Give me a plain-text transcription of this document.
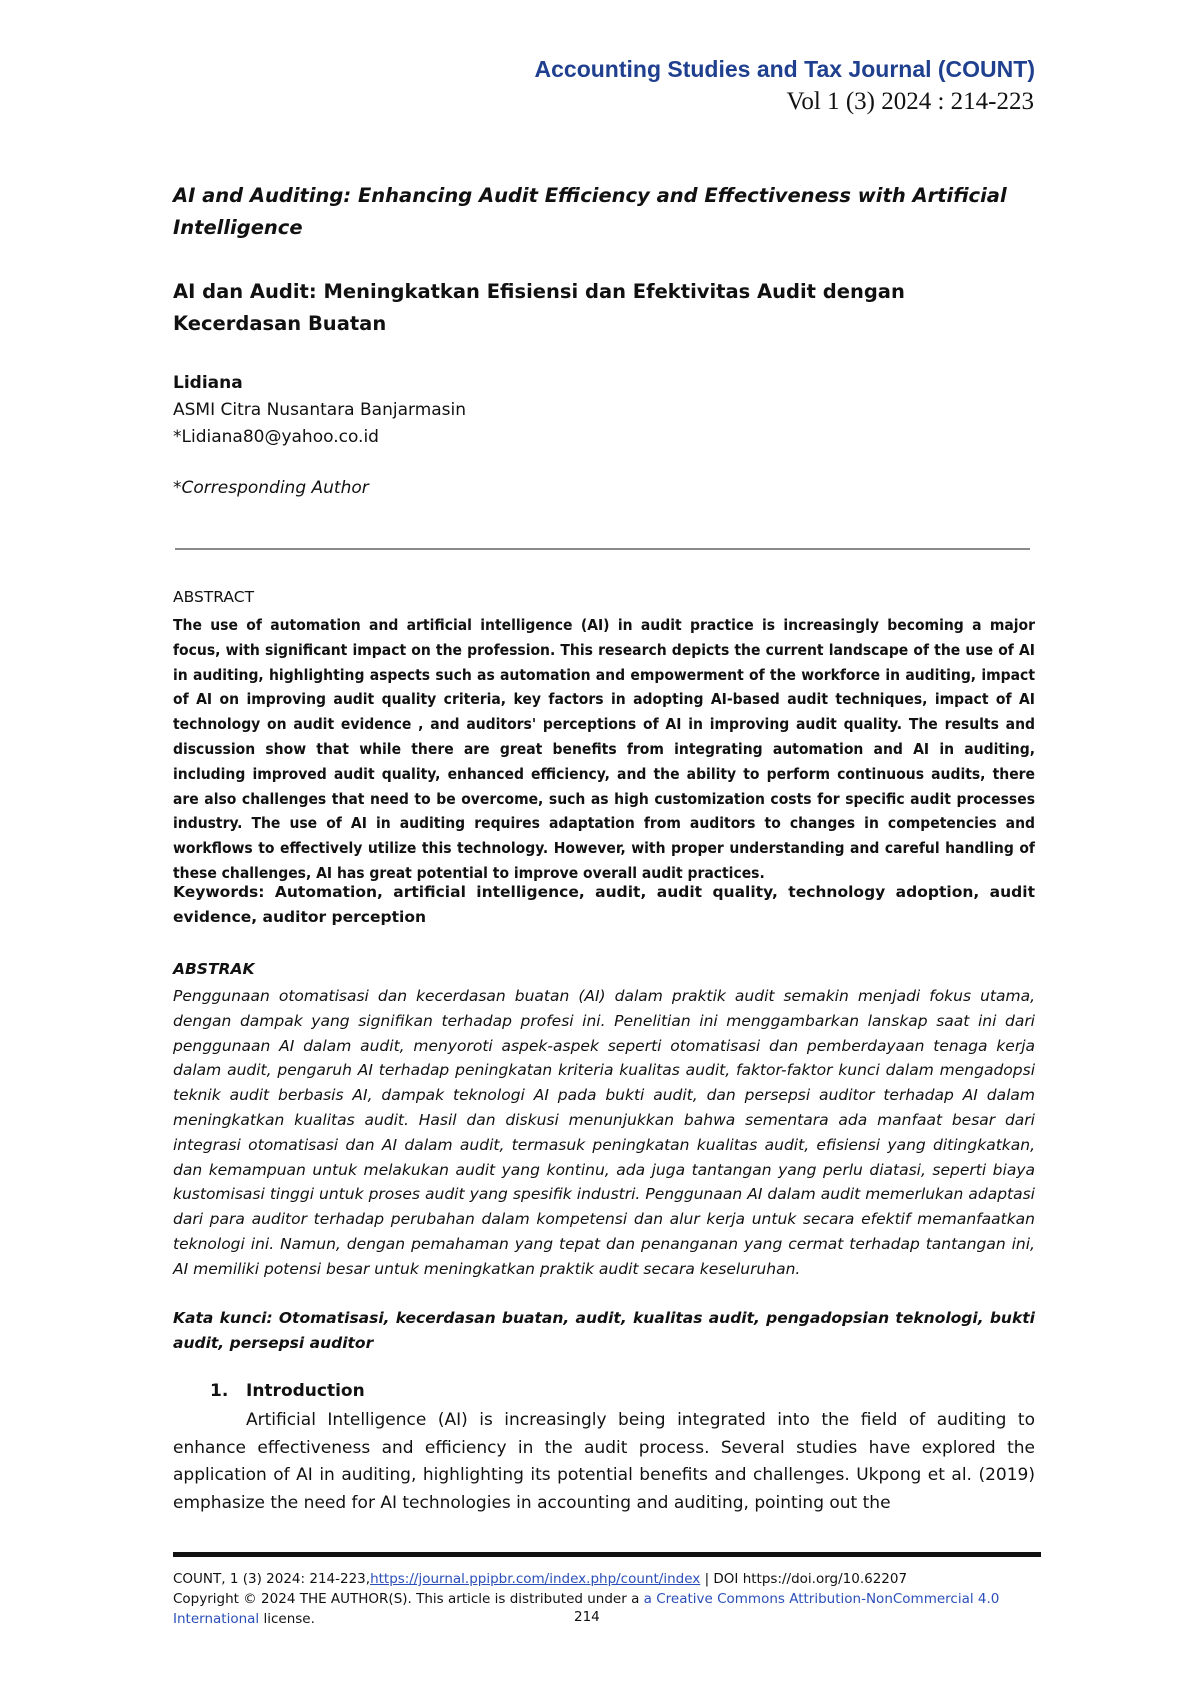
Accounting Studies and Tax Journal (COUNT)
Vol 1 (3) 2024 : 214-223
AI and Auditing: Enhancing Audit Efficiency and Effectiveness with Artificial Intelligence
AI dan Audit: Meningkatkan Efisiensi dan Efektivitas Audit dengan Kecerdasan Buatan
Lidiana
ASMI Citra Nusantara Banjarmasin
*Lidiana80@yahoo.co.id
*Corresponding Author
ABSTRACT

The use of automation and artificial intelligence (AI) in audit practice is increasingly becoming a major focus, with significant impact on the profession. This research depicts the current landscape of the use of AI in auditing, highlighting aspects such as automation and empowerment of the workforce in auditing, impact of AI on improving audit quality criteria, key factors in adopting AI-based audit techniques, impact of AI technology on audit evidence , and auditors' perceptions of AI in improving audit quality. The results and discussion show that while there are great benefits from integrating automation and AI in auditing, including improved audit quality, enhanced efficiency, and the ability to perform continuous audits, there are also challenges that need to be overcome, such as high customization costs for specific audit processes industry. The use of AI in auditing requires adaptation from auditors to changes in competencies and workflows to effectively utilize this technology. However, with proper understanding and careful handling of these challenges, AI has great potential to improve overall audit practices.

Keywords: Automation, artificial intelligence, audit, audit quality, technology adoption, audit evidence, auditor perception

ABSTRAK

Penggunaan otomatisasi dan kecerdasan buatan (AI) dalam praktik audit semakin menjadi fokus utama, dengan dampak yang signifikan terhadap profesi ini. Penelitian ini menggambarkan lanskap saat ini dari penggunaan AI dalam audit, menyoroti aspek-aspek seperti otomatisasi dan pemberdayaan tenaga kerja dalam audit, pengaruh AI terhadap peningkatan kriteria kualitas audit, faktor-faktor kunci dalam mengadopsi teknik audit berbasis AI, dampak teknologi AI pada bukti audit, dan persepsi auditor terhadap AI dalam meningkatkan kualitas audit. Hasil dan diskusi menunjukkan bahwa sementara ada manfaat besar dari integrasi otomatisasi dan AI dalam audit, termasuk peningkatan kualitas audit, efisiensi yang ditingkatkan, dan kemampuan untuk melakukan audit yang kontinu, ada juga tantangan yang perlu diatasi, seperti biaya kustomisasi tinggi untuk proses audit yang spesifik industri. Penggunaan AI dalam audit memerlukan adaptasi dari para auditor terhadap perubahan dalam kompetensi dan alur kerja untuk secara efektif memanfaatkan teknologi ini. Namun, dengan pemahaman yang tepat dan penanganan yang cermat terhadap tantangan ini, AI memiliki potensi besar untuk meningkatkan praktik audit secara keseluruhan.

Kata kunci: Otomatisasi, kecerdasan buatan, audit, kualitas audit, pengadopsian teknologi, bukti audit, persepsi auditor

1. Introduction

Artificial Intelligence (AI) is increasingly being integrated into the field of auditing to enhance effectiveness and efficiency in the audit process. Several studies have explored the application of AI in auditing, highlighting its potential benefits and challenges. Ukpong et al. (2019) emphasize the need for AI technologies in accounting and auditing, pointing out the

COUNT, 1 (3) 2024: 214-223,https://journal.ppipbr.com/index.php/count/index | DOI https://doi.org/10.62207
Copyright © 2024 THE AUTHOR(S). This article is distributed under a a Creative Commons Attribution-NonCommercial 4.0 International license.	214
